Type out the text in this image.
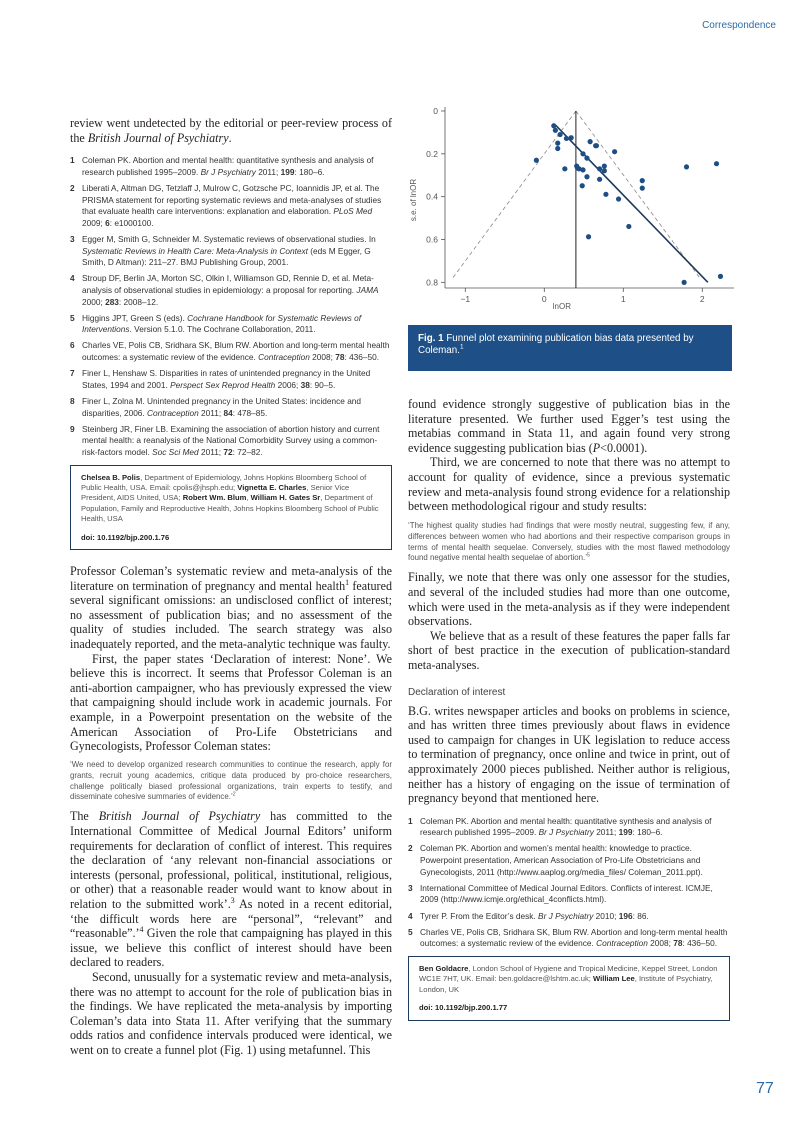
Correspondence

review went undetected by the editorial or peer-review process of the British Journal of Psychiatry.

1 Coleman PK. Abortion and mental health: quantitative synthesis and analysis of research published 1995–2009. Br J Psychiatry 2011; 199: 180–6.
2 Liberati A, Altman DG, Tetzlaff J, Mulrow C, Gotzsche PC, Ioannidis JP, et al. The PRISMA statement for reporting systematic reviews and meta-analyses of studies that evaluate health care interventions: explanation and elaboration. PLoS Med 2009; 6: e1000100.
3 Egger M, Smith G, Schneider M. Systematic reviews of observational studies. In Systematic Reviews in Health Care: Meta-Analysis in Context (eds M Egger, G Smith, D Altman): 211–27. BMJ Publishing Group, 2001.
4 Stroup DF, Berlin JA, Morton SC, Olkin I, Williamson GD, Rennie D, et al. Meta-analysis of observational studies in epidemiology: a proposal for reporting. JAMA 2000; 283: 2008–12.
5 Higgins JPT, Green S (eds). Cochrane Handbook for Systematic Reviews of Interventions. Version 5.1.0. The Cochrane Collaboration, 2011.
6 Charles VE, Polis CB, Sridhara SK, Blum RW. Abortion and long-term mental health outcomes: a systematic review of the evidence. Contraception 2008; 78: 436–50.
7 Finer L, Henshaw S. Disparities in rates of unintended pregnancy in the United States, 1994 and 2001. Perspect Sex Reprod Health 2006; 38: 90–5.
8 Finer L, Zolna M. Unintended pregnancy in the United States: incidence and disparities, 2006. Contraception 2011; 84: 478–85.
9 Steinberg JR, Finer LB. Examining the association of abortion history and current mental health: a reanalysis of the National Comorbidity Survey using a common-risk-factors model. Soc Sci Med 2011; 72: 72–82.
Chelsea B. Polis, Department of Epidemiology, Johns Hopkins Bloomberg School of Public Health, USA. Email: cpolis@jhsph.edu; Vignetta E. Charles, Senior Vice President, AIDS United, USA; Robert Wm. Blum, William H. Gates Sr, Department of Population, Family and Reproductive Health, Johns Hopkins Bloomberg School of Public Health, USA
doi: 10.1192/bjp.200.1.76

Professor Coleman’s systematic review and meta-analysis of the literature on termination of pregnancy and mental health$^1$ featured several significant omissions: an undisclosed conflict of interest; no assessment of publication bias; and no assessment of the quality of studies included. The search strategy was also inadequately reported, and the meta-analytic technique was faulty.

First, the paper states ‘Declaration of interest: None’. We believe this is incorrect. It seems that Professor Coleman is an anti-abortion campaigner, who has previously expressed the view that campaigning should include work in academic journals. For example, in a Powerpoint presentation on the website of the American Association of Pro-Life Obstetricians and Gynecologists, Professor Coleman states:

‘We need to develop organized research communities to continue the research, apply for grants, recruit young academics, critique data produced by pro-choice researchers, challenge politically biased professional organizations, train experts to testify, and disseminate cohesive summaries of evidence.’$^2$

The British Journal of Psychiatry has committed to the International Committee of Medical Journal Editors’ uniform requirements for declaration of conflict of interest. This requires the declaration of ‘any relevant non-financial associations or interests (personal, professional, political, institutional, religious, or other) that a reasonable reader would want to know about in relation to the submitted work’.$^3$ As noted in a recent editorial, ‘the difficult words here are “personal”, “relevant” and “reasonable”.’$^4$ Given the role that campaigning has played in this issue, we believe this conflict of interest should have been declared to readers.

Second, unusually for a systematic review and meta-analysis, there was no attempt to account for the role of publication bias in the findings. We have replicated the meta-analysis by importing Coleman’s data into Stata 11. After verifying that the summary odds ratios and confidence intervals produced were identical, we went on to create a funnel plot (Fig. 1) using metafunnel. This

0
0.2
0.4
0.6
0.8
−1	0	1	2
lnOR
s.e. of lnOR
Fig. 1 Funnel plot examining publication bias data presented by Coleman.$^1$

found evidence strongly suggestive of publication bias in the literature presented. We further used Egger’s test using the metabias command in Stata 11, and again found very strong evidence suggesting publication bias (P<0.0001).

Third, we are concerned to note that there was no attempt to account for quality of evidence, since a previous systematic review and meta-analysis found strong evidence for a relationship between methodological rigour and study results:

‘The highest quality studies had findings that were mostly neutral, suggesting few, if any, differences between women who had abortions and their respective comparison groups in terms of mental health sequelae. Conversely, studies with the most flawed methodology found negative mental health sequelae of abortion.’$^5$

Finally, we note that there was only one assessor for the studies, and several of the included studies had more than one outcome, which were used in the meta-analysis as if they were independent observations.

We believe that as a result of these features the paper falls far short of best practice in the execution of publication-standard meta-analyses.

Declaration of interest

B.G. writes newspaper articles and books on problems in science, and has written three times previously about flaws in evidence used to campaign for changes in UK legislation to reduce access to termination of pregnancy, once online and twice in print, out of approximately 2000 pieces published. Neither author is religious, neither has a history of engaging on the issue of termination of pregnancy beyond that mentioned here.

1 Coleman PK. Abortion and mental health: quantitative synthesis and analysis of research published 1995–2009. Br J Psychiatry 2011; 199: 180–6.
2 Coleman PK. Abortion and women’s mental health: knowledge to practice. Powerpoint presentation, American Association of Pro-Life Obstetricians and Gynecologists, 2011 (http://www.aaplog.org/media_files/ Coleman_2011.ppt).
3 International Committee of Medical Journal Editors. Conflicts of interest. ICMJE, 2009 (http://www.icmje.org/ethical_4conflicts.html).
4 Tyrer P. From the Editor’s desk. Br J Psychiatry 2010; 196: 86.
5 Charles VE, Polis CB, Sridhara SK, Blum RW. Abortion and long-term mental health outcomes: a systematic review of the evidence. Contraception 2008; 78: 436–50.
Ben Goldacre, London School of Hygiene and Tropical Medicine, Keppel Street, London WC1E 7HT, UK. Email: ben.goldacre@lshtm.ac.uk; William Lee, Institute of Psychiatry, London, UK
doi: 10.1192/bjp.200.1.77
77
